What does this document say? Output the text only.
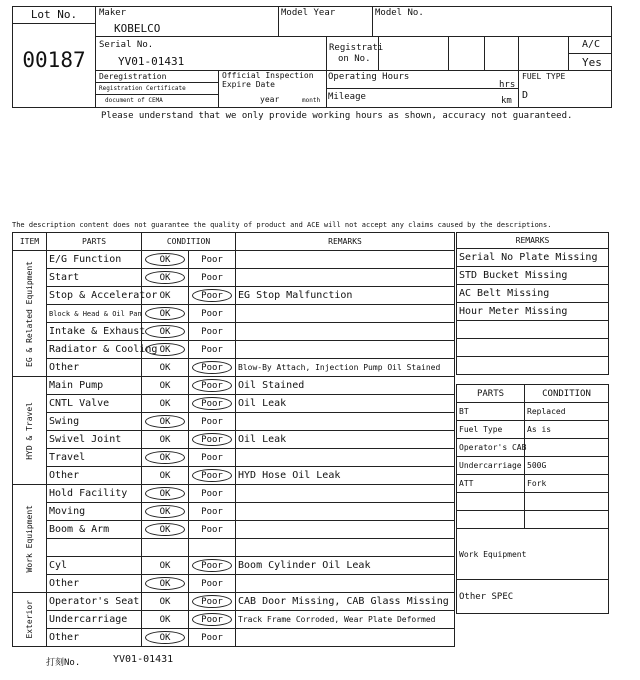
Lot No.
00187
Maker
KOBELCO
Model Year	Model No.
Serial No.
YV01-01431
Registrati
on No.
A/C
Yes
Deregistration
Registration Certificate
document of CEMA
Official Inspection
Expire Date
year	month
Operating Hours
hrs
Mileage	km
FUEL TYPE
D
Please understand that we only provide working hours as shown, accuracy not guaranteed.
The description content does not guarantee the quality of product and ACE will not accept any claims caused by the descriptions.
ITEM	PARTS	CONDITION		REMARKS

EG & Related Equipment	E/G Function	OK	Poor	
	Start	OK	Poor	
	Stop & Accelerator	OK	Poor	EG Stop Malfunction
	Block & Head & Oil Pan	OK	Poor	
	Intake & Exhaust	OK	Poor	
	Radiator & Cooling	OK	Poor	
	Other	OK	Poor	Blow-By Attach, Injection Pump Oil Stained

HYD & Travel	Main Pump	OK	Poor	Oil Stained
	CNTL Valve	OK	Poor	Oil Leak
	Swing	OK	Poor	
	Swivel Joint	OK	Poor	Oil Leak
	Travel	OK	Poor	
	Other	OK	Poor	HYD Hose Oil Leak

Work Equipment	Hold Facility	OK	Poor	
	Moving	OK	Poor	
	Boom & Arm	OK	Poor	

	Cyl	OK	Poor	Boom Cylinder Oil Leak
	Other	OK	Poor	

Exterior	Operator's Seat	OK	Poor	CAB Door Missing, CAB Glass Missing
	Undercarriage	OK	Poor	Track Frame Corroded, Wear Plate Deformed
	Other	OK	Poor	
REMARKS
Serial No Plate Missing
STD Bucket Missing
AC Belt Missing
Hour Meter Missing

PARTS	CONDITION
BT	Replaced
Fuel Type	As is
Operator's CAB	
Undercarriage	500G
ATT	Fork

Work Equipment	
Other SPEC	
打刻No.	YV01-01431
